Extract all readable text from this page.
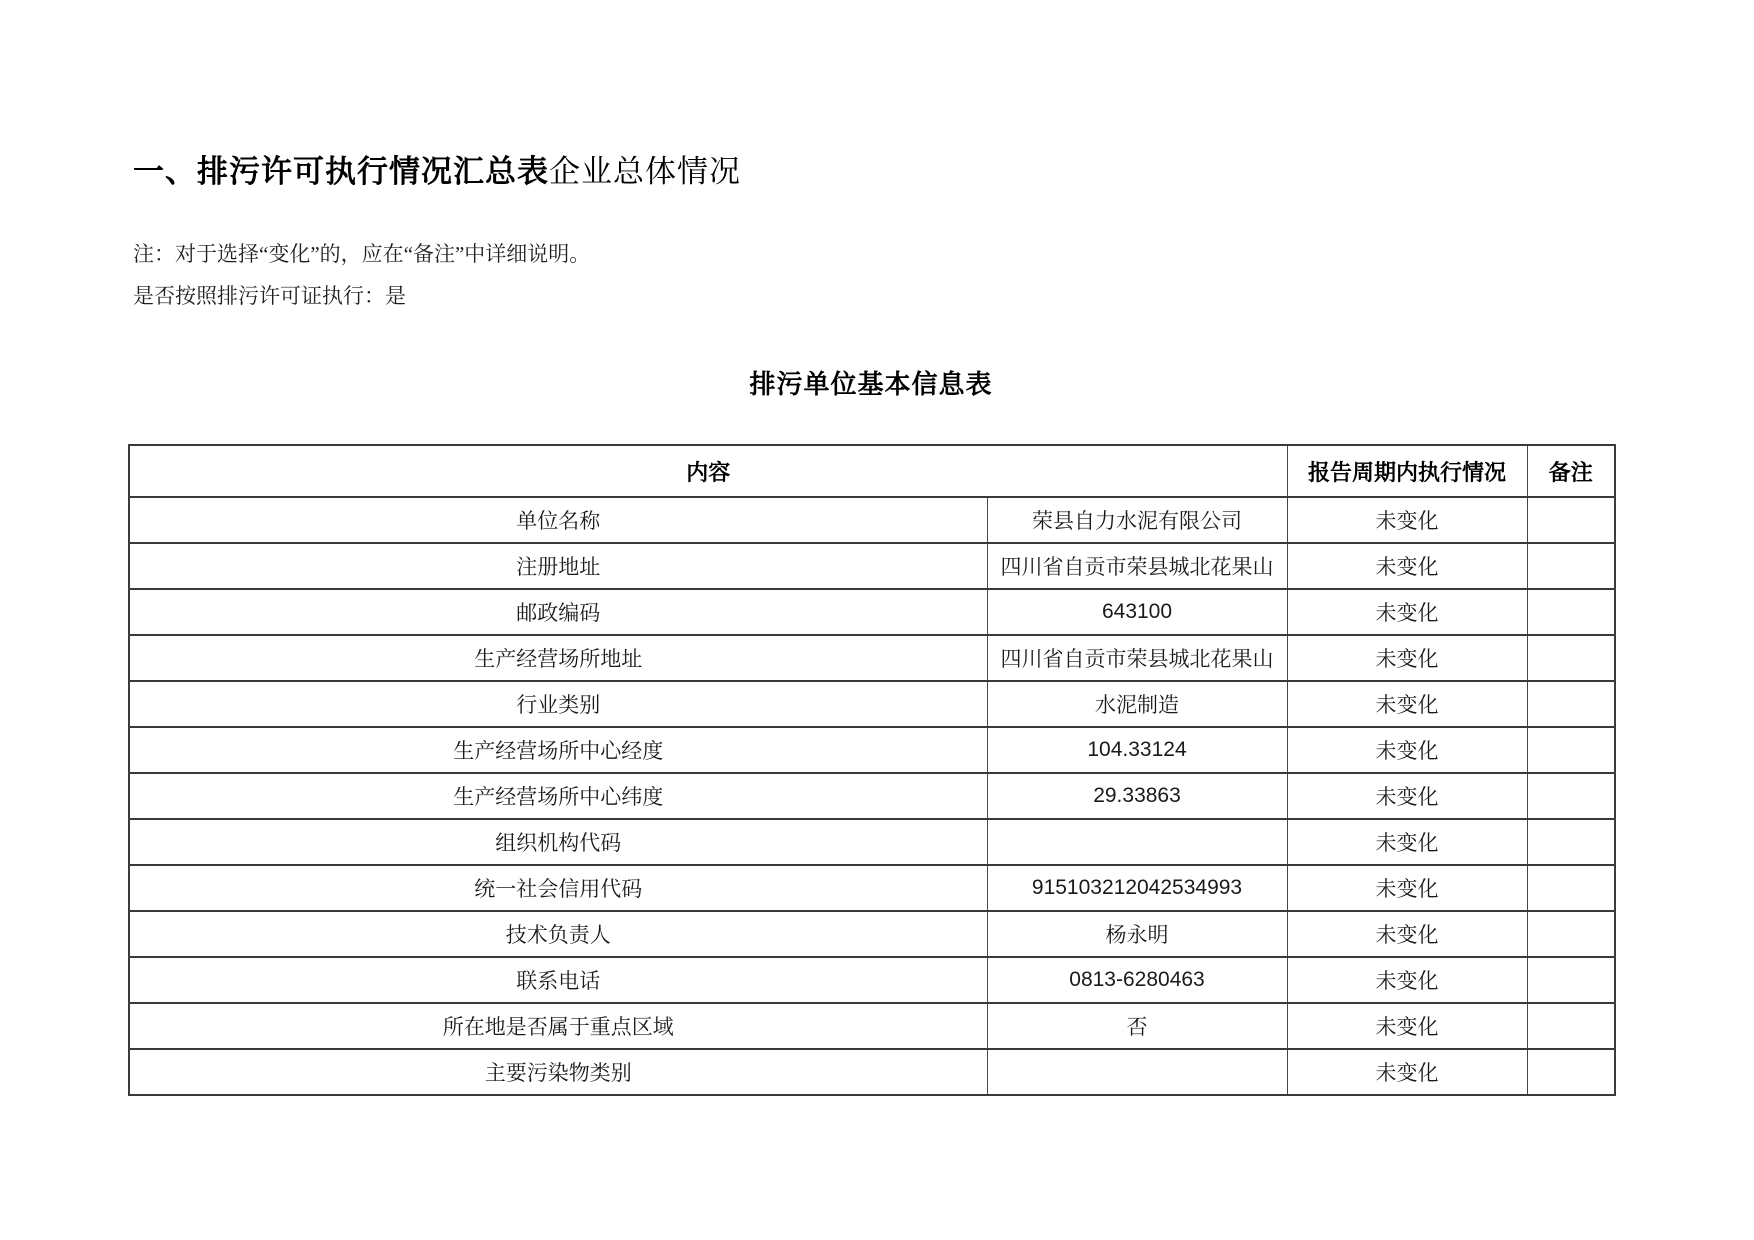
一、排污许可执行情况汇总表企业总体情况
注：对于选择“变化”的，应在“备注”中详细说明。
是否按照排污许可证执行：是
排污单位基本信息表
内容		报告周期内执行情况	备注
单位名称	荣县自力水泥有限公司	未变化	
注册地址	四川省自贡市荣县城北花果山	未变化	
邮政编码	643100	未变化	
生产经营场所地址	四川省自贡市荣县城北花果山	未变化	
行业类别	水泥制造	未变化	
生产经营场所中心经度	104.33124	未变化	
生产经营场所中心纬度	29.33863	未变化	
组织机构代码		未变化	
统一社会信用代码	915103212042534993	未变化	
技术负责人	杨永明	未变化	
联系电话	0813-6280463	未变化	
所在地是否属于重点区域	否	未变化	
主要污染物类别		未变化	
